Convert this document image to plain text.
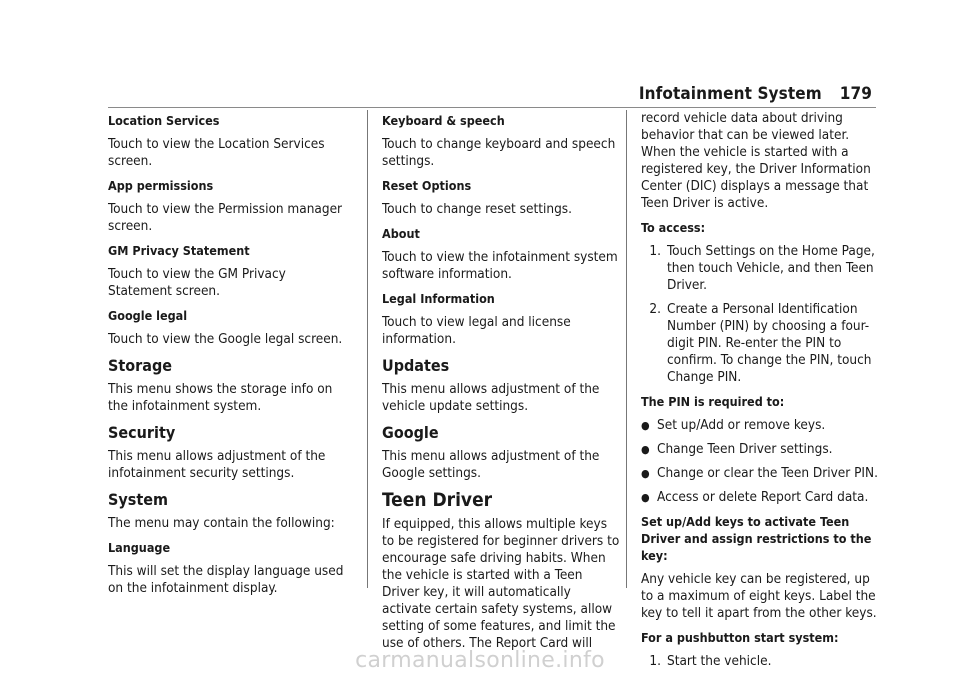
Infotainment System 179
Location Services
Touch to view the Location Services screen.
App permissions
Touch to view the Permission manager screen.
GM Privacy Statement
Touch to view the GM Privacy Statement screen.
Google legal
Touch to view the Google legal screen.
Storage
This menu shows the storage info on the infotainment system.
Security
This menu allows adjustment of the infotainment security settings.
System
The menu may contain the following:
Language
This will set the display language used on the infotainment display.
Keyboard & speech
Touch to change keyboard and speech settings.
Reset Options
Touch to change reset settings.
About
Touch to view the infotainment system software information.
Legal Information
Touch to view legal and license information.
Updates
This menu allows adjustment of the vehicle update settings.
Google
This menu allows adjustment of the Google settings.
Teen Driver
If equipped, this allows multiple keys to be registered for beginner drivers to encourage safe driving habits. When the vehicle is started with a Teen Driver key, it will automatically activate certain safety systems, allow setting of some features, and limit the use of others. The Report Card will
record vehicle data about driving behavior that can be viewed later. When the vehicle is started with a registered key, the Driver Information Center (DIC) displays a message that Teen Driver is active.
To access:
1. Touch Settings on the Home Page, then touch Vehicle, and then Teen Driver.
2. Create a Personal Identification Number (PIN) by choosing a four-digit PIN. Re-enter the PIN to confirm. To change the PIN, touch Change PIN.
The PIN is required to:
● Set up/Add or remove keys.
● Change Teen Driver settings.
● Change or clear the Teen Driver PIN.
● Access or delete Report Card data.
Set up/Add keys to activate Teen Driver and assign restrictions to the key:
Any vehicle key can be registered, up to a maximum of eight keys. Label the key to tell it apart from the other keys.
For a pushbutton start system:
1. Start the vehicle.
carmanualsonline.info
